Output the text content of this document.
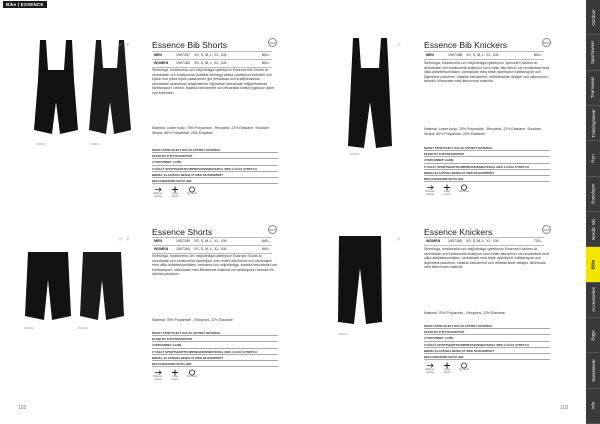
Bike | ESSENCE
Outdoor
Sportswear
Teamwear
Trainingswear
Run
Baselayer
Nordic Ski
Bike
Accessories
Bags
Sweatwear
Info
102	103
♂ ♀
999999	999999
Essence Bib Shorts	NEW
MEN	1907157	XS, S, M, L, XL, XXL	800:-
WOMEN	1907163	XS, S, M, L, XL, XXL	800:-
Stretchiga, funktionella och miljövänliga cykelbyxor Essence Bib Shorts är utvecklade och funktionella kvalitets verkatyg dessa cykelbyxor bekvämt och cyklar hon pistol mjölk passformen ger prestanda och kraftprestanda, utvecklade avancerad dräktmaterial frigörande utvecklade miljöprestanda fukttransport i teknik, elastisk bekvämhet och behandlat kuttiva tygbyxor dyker nya kollektion.
Material: Lower body: 78% Polyamide - Recycled, 22% Elastane, Shoulder Straps: 80% Polyamide, 20% Elastane
MJUKT STRETCHIGT OCH ELASTISKT MATERIAL
EFFEKTIV FUKTTRANSPORT
ÅTERVUNNET GARN
CYCHA® SPORTSHORTKOMPRESSIONSMATERIAL MED 4-VÄGS STRETCH
BREDA, ELASTISKA BENSLUT MED SILIKONPRINT
REFLEXERANDE DETALJER
Moisture wicking
4-way stretch
Recycled
♂
999999
Essence Bib Knickers	NEW
MEN	1907158	XS, S, M, L, XL, XXL	800:-
Stretchiga, funktionella och miljövänliga cykelbyxor, speciellt Knickers är utvecklade och funktionella knäbyxor som möter alla behov och användare med olika aktivitetsområden, utvecklade med både cykelbyxor fukttransport och lägenhets passform, elastisk bekvämhet, reflekterande detaljer och silikonprint i benslut, tillverkade med återvunnet material.
Material: Lower body: 78% Polyamide - Recycled, 22% Elastane, Shoulder Straps: 80% Polyamide, 20% Elastane
MJUKT STRETCHIGT OCH ELASTISKT MATERIAL
EFFEKTIV FUKTTRANSPORT
ÅTERVUNNET GARN
CYCHA® SPORTSHORTKOMPRESSIONSMATERIAL MED 4-VÄGS STRETCH
BREDA ELASTISKA BENSLUT MED SILIKONPRINT
REFLEXERANDE DETALJER
Moisture wicking
4-way stretch
Recycled
♂ ♀
999999	999999
Essence Shorts	NEW
MEN	1907159	XS, S, M, L, XL, XXL	640:-
WOMEN	1907164	XS, S, M, L, XL, XXL	640:-
Stretchiga, funktionella och miljövänliga cykelbyxor Essence Shorts är utvecklade och funktionella cykelbyxor som möter alla behov och användare med olika aktivitetsområden, bekväma och miljövänliga, elastisk bekvämhet och fukttransport, utvecklade med återvunnet material och silikonprint i benslut för optimal passform.
Material: 78% Polyamide - Recycled, 22% Elastane
MJUKT STRETCHIGT OCH ELASTISKT MATERIAL
EFFEKTIV FUKTTRANSPORT
ÅTERVUNNET GARN
CYCHA® SPORTSHORTKOMPRESSIONSMATERIAL MED 4-VÄGS STRETCH
BREDA, ELASTISKA BENSLUT MED SILIKONPRINT
REFLEXERANDE DETALJER
Moisture wicking
4-way stretch
Recycled
♀
999999
Essence Knickers	NEW
WOMEN	1907165	XS, S, M, L, XL, XXL	720:-
Stretchiga, funktionella och miljövänliga cykelbyxor Essence Knickers är utvecklade och funktionella knäbyxor som möter alla behov och användare med olika aktivitetsområden, utvecklade med både cykelbyxor fukttransport och lägenhets passform, elastisk bekvämhet och reflekterande detaljer, tillverkade med återvunnet material.
Material: 78% Polyamide - Recycled, 22% Elastane
MJUKT STRETCHIGT OCH ELASTISKT MATERIAL
EFFEKTIV FUKTTRANSPORT
ÅTERVUNNET GARN
CYCHA® SPORTSHORTKOMPRESSIONSMATERIAL MED 4-VÄGS STRETCH
BREDA ELASTISKA BENSLUT MED SILIKONPRINT
REFLEXERANDE DETALJER
Moisture wicking
4-way stretch
Recycled
